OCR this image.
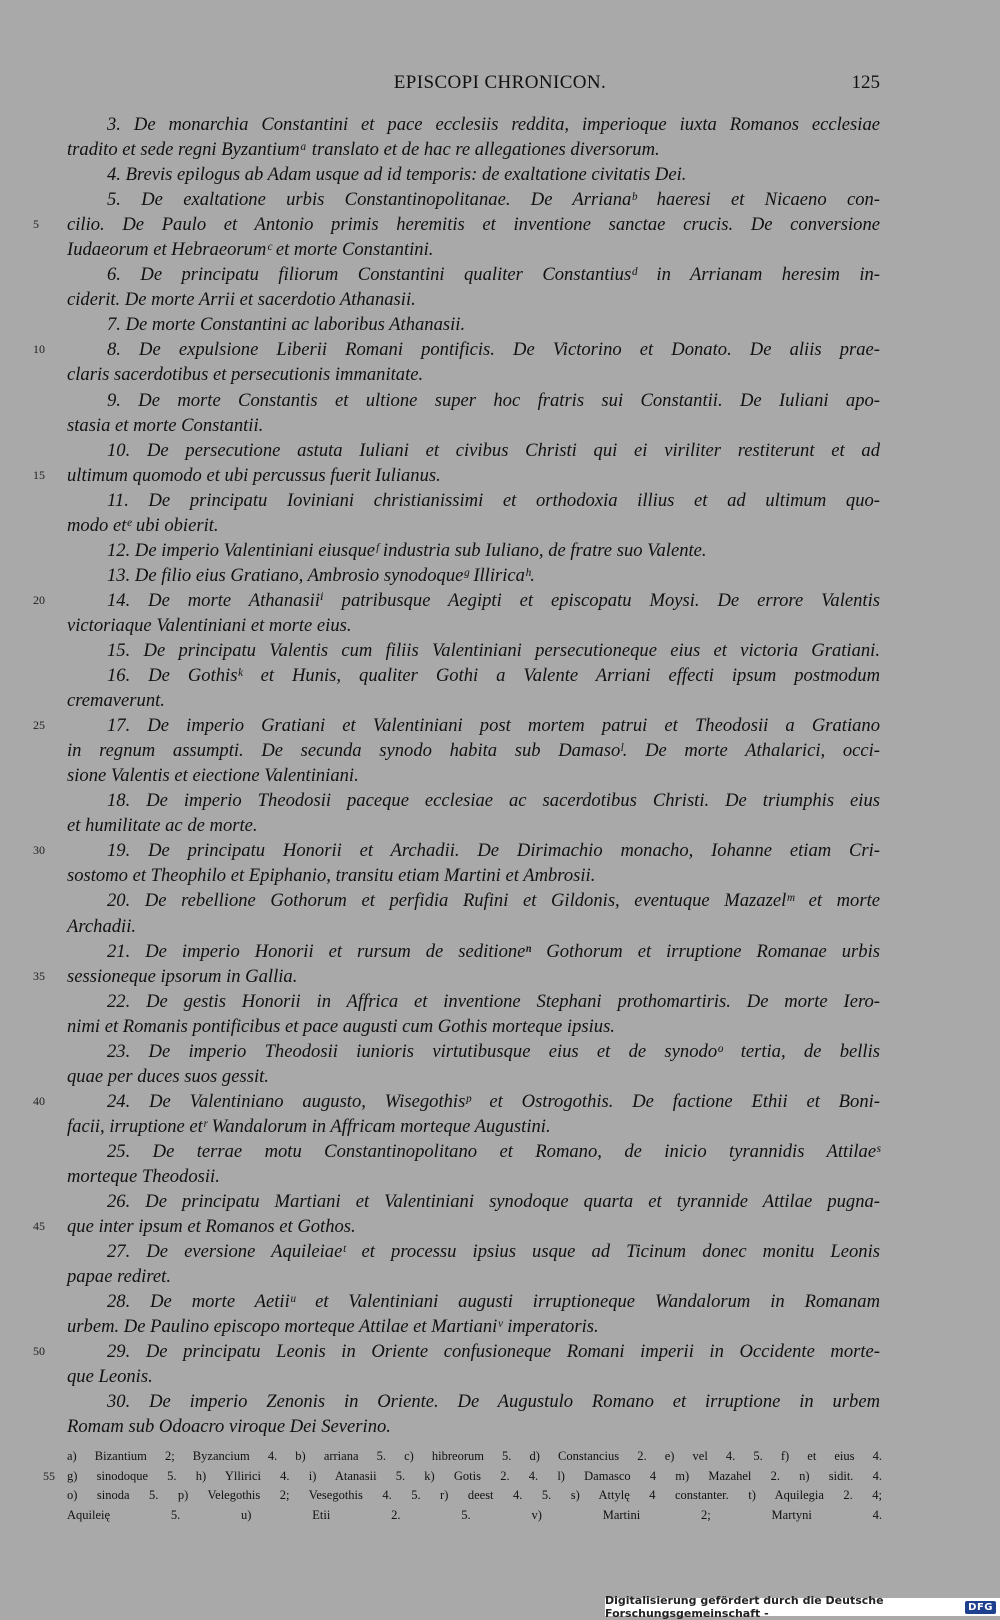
EPISCOPI CHRONICON.	125
3. De monarchia Constantini et pace ecclesiis reddita, imperioque iuxta Romanos ecclesiae
tradito et sede regni Byzantiumᵃ translato et de hac re allegationes diversorum.
4. Brevis epilogus ab Adam usque ad id temporis: de exaltatione civitatis Dei.
5. De exaltatione urbis Constantinopolitanae. De Arrianaᵇ haeresi et Nicaeno con-
5	cilio. De Paulo et Antonio primis heremitis et inventione sanctae crucis. De conversione
Iudaeorum et Hebraeorumᶜ et morte Constantini.
6. De principatu filiorum Constantini qualiter Constantiusᵈ in Arrianam heresim in-
ciderit. De morte Arrii et sacerdotio Athanasii.
7. De morte Constantini ac laboribus Athanasii.
10	8. De expulsione Liberii Romani pontificis. De Victorino et Donato. De aliis prae-
claris sacerdotibus et persecutionis immanitate.
9. De morte Constantis et ultione super hoc fratris sui Constantii. De Iuliani apo-
stasia et morte Constantii.
10. De persecutione astuta Iuliani et civibus Christi qui ei viriliter restiterunt et ad
15	ultimum quomodo et ubi percussus fuerit Iulianus.
11. De principatu Ioviniani christianissimi et orthodoxia illius et ad ultimum quo-
modo etᵉ ubi obierit.
12. De imperio Valentiniani eiusqueᶠ industria sub Iuliano, de fratre suo Valente.
13. De filio eius Gratiano, Ambrosio synodoqueᵍ Illiricaʰ.
20	14. De morte Athanasiiⁱ patribusque Aegipti et episcopatu Moysi. De errore Valentis
victoriaque Valentiniani et morte eius.
15. De principatu Valentis cum filiis Valentiniani persecutioneque eius et victoria Gratiani.
16. De Gothisᵏ et Hunis, qualiter Gothi a Valente Arriani effecti ipsum postmodum
cremaverunt.
25	17. De imperio Gratiani et Valentiniani post mortem patrui et Theodosii a Gratiano
in regnum assumpti. De secunda synodo habita sub Damasoˡ. De morte Athalarici, occi-
sione Valentis et eiectione Valentiniani.
18. De imperio Theodosii paceque ecclesiae ac sacerdotibus Christi. De triumphis eius
et humilitate ac de morte.
30	19. De principatu Honorii et Archadii. De Dirimachio monacho, Iohanne etiam Cri-
sostomo et Theophilo et Epiphanio, transitu etiam Martini et Ambrosii.
20. De rebellione Gothorum et perfidia Rufini et Gildonis, eventuque Mazazelᵐ et morte
Archadii.
21. De imperio Honorii et rursum de seditioneⁿ Gothorum et irruptione Romanae urbis
35	sessioneque ipsorum in Gallia.
22. De gestis Honorii in Affrica et inventione Stephani prothomartiris. De morte Iero-
nimi et Romanis pontificibus et pace augusti cum Gothis morteque ipsius.
23. De imperio Theodosii iunioris virtutibusque eius et de synodoᵒ tertia, de bellis
quae per duces suos gessit.
40	24. De Valentiniano augusto, Wisegothisᵖ et Ostrogothis. De factione Ethii et Boni-
facii, irruptione etʳ Wandalorum in Affricam morteque Augustini.
25. De terrae motu Constantinopolitano et Romano, de inicio tyrannidis Attilaeˢ
morteque Theodosii.
26. De principatu Martiani et Valentiniani synodoque quarta et tyrannide Attilae pugna-
45	que inter ipsum et Romanos et Gothos.
27. De eversione Aquileiaeᵗ et processu ipsius usque ad Ticinum donec monitu Leonis
papae rediret.
28. De morte Aetiiᵘ et Valentiniani augusti irruptioneque Wandalorum in Romanam
urbem. De Paulino episcopo morteque Attilae et Martianiᵛ imperatoris.
50	29. De principatu Leonis in Oriente confusioneque Romani imperii in Occidente morte-
que Leonis.
30. De imperio Zenonis in Oriente. De Augustulo Romano et irruptione in urbem
Romam sub Odoacro viroque Dei Severino.
a) Bizantium 2; Byzancium 4. b) arriana 5. c) hibreorum 5. d) Constancius 2. e) vel 4. 5. f) et eius 4.
55 g) sinodoque 5. h) Yllirici 4. i) Atanasii 5. k) Gotis 2. 4. l) Damasco 4 m) Mazahel 2. n) sidit. 4.
o) sinoda 5. p) Velegothis 2; Vesegothis 4. 5. r) deest 4. 5. s) Attylę 4 constanter. t) Aquilegia 2. 4;
Aquileię 5. u) Etii 2. 5. v) Martini 2; Martyni 4.
Digitalisierung gefördert durch die Deutsche Forschungsgemeinschaft -	DFG
